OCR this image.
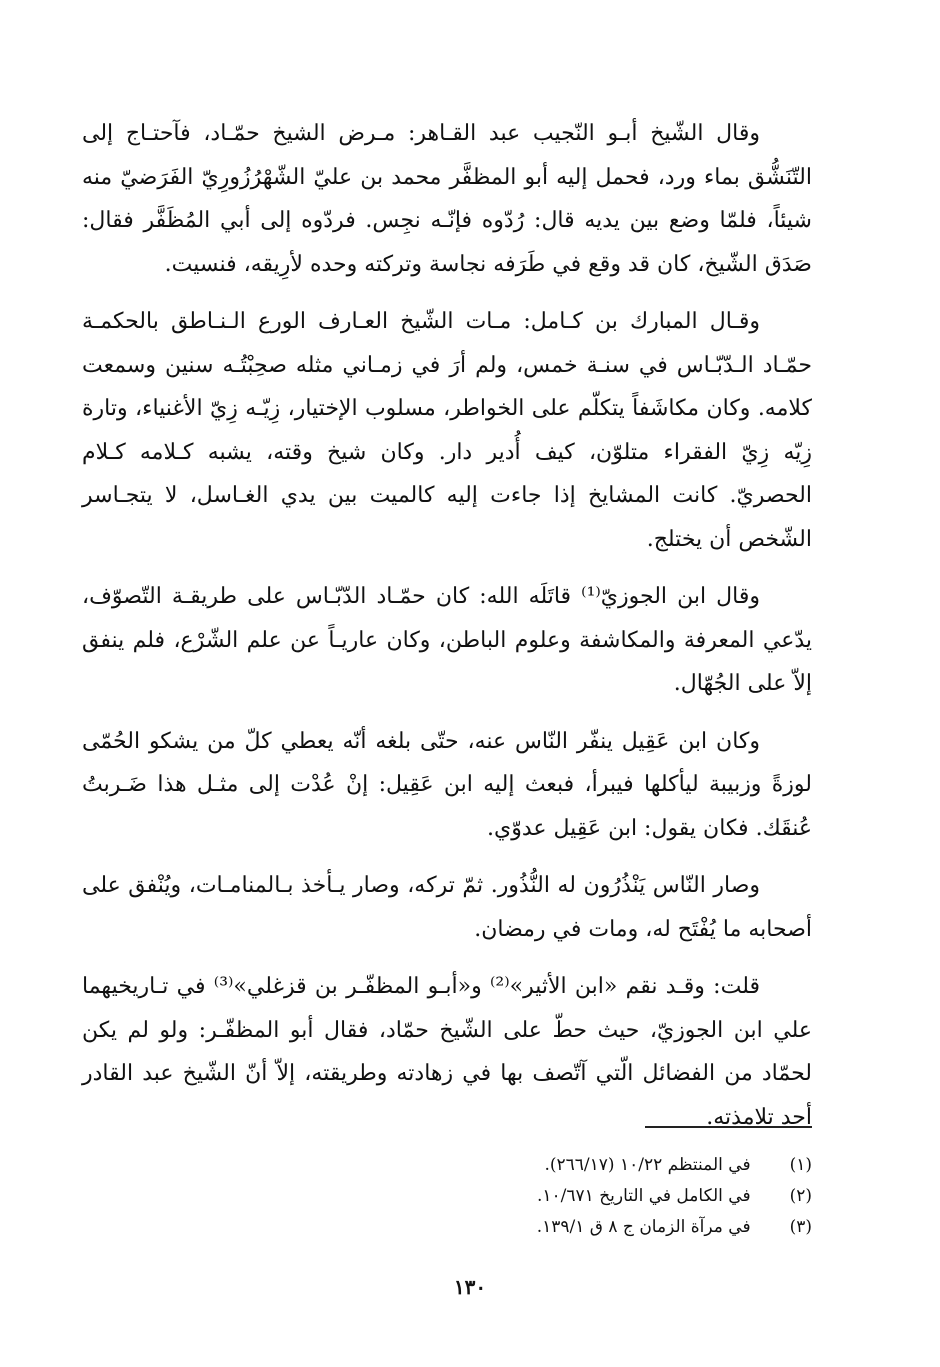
وقال الشّيخ أبـو النّجيب عبد القـاهر: مـرض الشيخ حمّـاد، فآحتـاج إلى التّنَشُّق بماء ورد، فحمل إليه أبو المظفَّر محمد بن عليّ الشّهْرُزُورِيّ الفَرَضيّ منه شيئاً، فلمّا وضع بين يديه قال: رُدّوه فإنّـه نجِس. فردّوه إلى أبي المُظَفَّر فقال: صَدَق الشّيخ، كان قد وقع في طَرَفه نجاسة وتركته وحده لأرِيقه، فنسيت.

وقـال المبارك بن كـامل: مـات الشّيخ العـارف الورع الـنـاطق بالحكمـة حمّـاد الـدّبّـاس في سنـة خمس، ولم أرَ في زمـاني مثله صحِبْتُـه سنين وسمعت كلامه. وكان مكاشَفاً يتكلّم على الخواطر، مسلوب الإختيار، زِيّـه زِيّ الأغنياء، وتارة زِيّه زِيّ الفقراء متلوّن، كيف أُدير دار. وكان شيخ وقته، يشبه كـلامه كـلام الحصريّ. كانت المشايخ إذا جاءت إليه كالميت بين يدي الغـاسل، لا يتجـاسر الشّخص أن يختلج.

وقال ابن الجوزيّ⁽¹⁾ قاتَلَه الله: كان حمّـاد الدّبّـاس على طريقـة التّصوّف، يدّعي المعرفة والمكاشفة وعلوم الباطن، وكان عاريـاً عن علم الشّرْع، فلم ينفق إلاّ على الجُهّال.

وكان ابن عَقِيل ينفّر النّاس عنه، حتّى بلغه أنّه يعطي كلّ من يشكو الحُمّى لوزةً وزبيبة ليأكلها فيبرأ، فبعث إليه ابن عَقِيل: إنْ عُدْت إلى مثـل هذا ضَـربتُ عُنقَك. فكان يقول: ابن عَقِيل عدوّي.

وصار النّاس يَنْذُرُون له النُّذُور. ثمّ تركه، وصار يـأخذ بـالمنامـات، ويُنْفق على أصحابه ما يُفْتَح له، ومات في رمضان.

قلت: وقـد نقم «ابن الأثير»⁽²⁾ و«أبـو المظفّـر بن قزغلي»⁽³⁾ في تـاريخيهما علي ابن الجوزيّ، حيث حطّ على الشّيخ حمّاد، فقال أبو المظفّـر: ولو لم يكن لحمّاد من الفضائل الّتي آتّصف بها في زهادته وطريقته، إلاّ أنّ الشّيخ عبد القادر أحد تلامذته.

(١) في المنتظم ١٠/٢٢ (٢٦٦/١٧).
(٢) في الكامل في التاريخ ١٠/٦٧١.
(٣) في مرآة الزمان ج ٨ ق ١٣٩/١.
١٣٠
